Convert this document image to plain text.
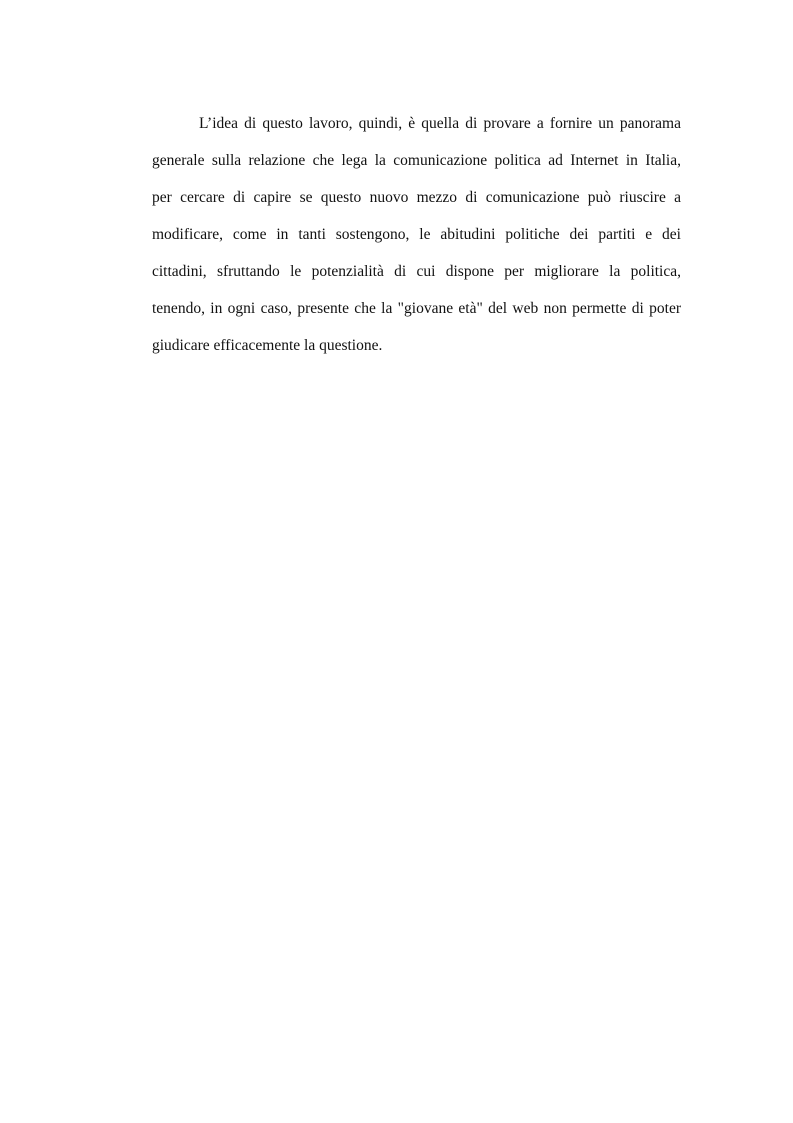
L’idea di questo lavoro, quindi, è quella di provare a fornire un panorama
generale sulla relazione che lega la comunicazione politica ad Internet in Italia,
per cercare di capire se questo nuovo mezzo di comunicazione può riuscire a
modificare, come in tanti sostengono, le abitudini politiche dei partiti e dei
cittadini, sfruttando le potenzialità di cui dispone per migliorare la politica,
tenendo, in ogni caso, presente che la "giovane età" del web non permette di poter
giudicare efficacemente la questione.
